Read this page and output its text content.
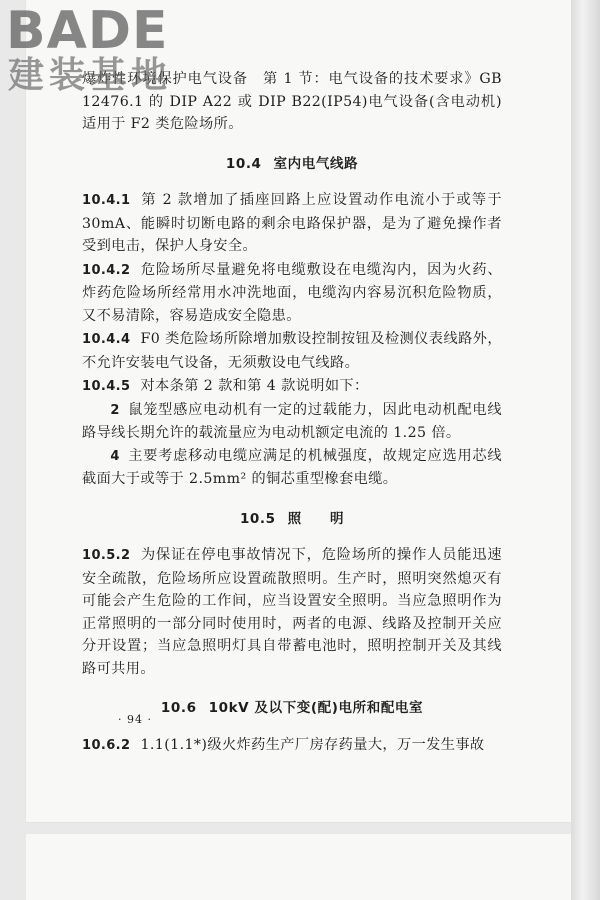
BADE
建装基地

爆炸性环境保护电气设备　第 1 节：电气设备的技术要求》GB 12476.1 的 DIP A22 或 DIP B22(IP54)电气设备(含电动机)适用于 F2 类危险场所。

10.4 室内电气线路

10.4.1 第 2 款增加了插座回路上应设置动作电流小于或等于 30mA、能瞬时切断电路的剩余电路保护器，是为了避免操作者受到电击，保护人身安全。

10.4.2 危险场所尽量避免将电缆敷设在电缆沟内，因为火药、炸药危险场所经常用水冲洗地面，电缆沟内容易沉积危险物质，又不易清除，容易造成安全隐患。

10.4.4 F0 类危险场所除增加敷设控制按钮及检测仪表线路外，不允许安装电气设备，无须敷设电气线路。

10.4.5 对本条第 2 款和第 4 款说明如下：

2 鼠笼型感应电动机有一定的过载能力，因此电动机配电线路导线长期允许的载流量应为电动机额定电流的 1.25 倍。

4 主要考虑移动电缆应满足的机械强度，故规定应选用芯线截面大于或等于 2.5mm² 的铜芯重型橡套电缆。

10.5 照　　明

10.5.2 为保证在停电事故情况下，危险场所的操作人员能迅速安全疏散，危险场所应设置疏散照明。生产时，照明突然熄灭有可能会产生危险的工作间，应当设置安全照明。当应急照明作为正常照明的一部分同时使用时，两者的电源、线路及控制开关应分开设置；当应急照明灯具自带蓄电池时，照明控制开关及其线路可共用。

10.6 10kV 及以下变(配)电所和配电室

10.6.2 1.1(1.1*)级火炸药生产厂房存药量大，万一发生事故

· 94 ·
